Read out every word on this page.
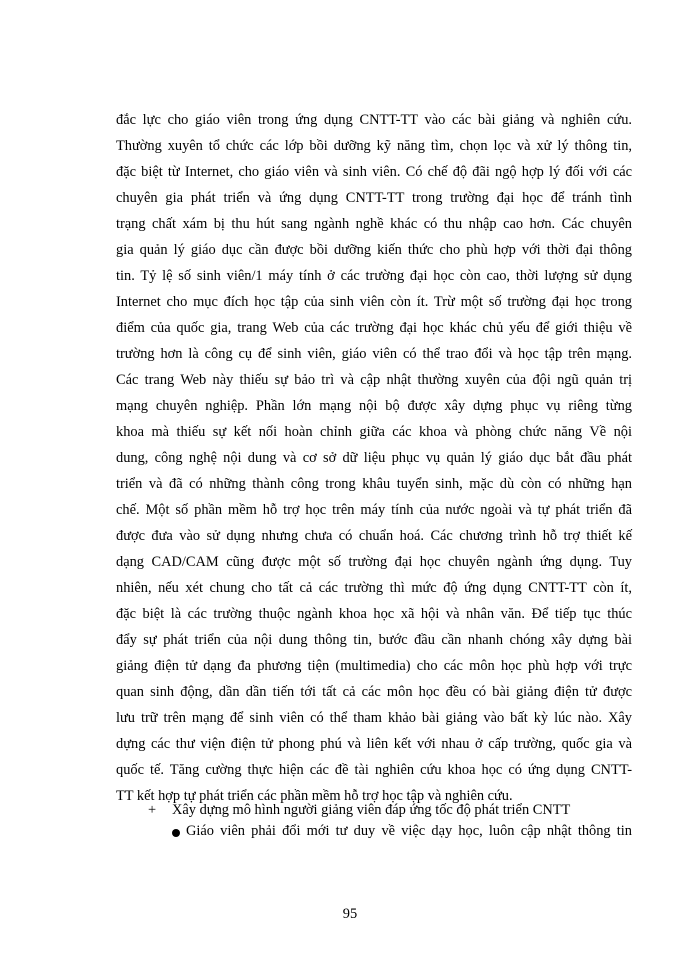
đắc lực cho giáo viên trong ứng dụng CNTT-TT vào các bài giảng và nghiên cứu.
Thường xuyên tổ chức các lớp bồi dưỡng kỹ năng tìm, chọn lọc và xử lý thông tin,
đặc biệt từ Internet, cho giáo viên và sinh viên. Có chế độ đãi ngộ hợp lý đối với các
chuyên gia phát triển và ứng dụng CNTT-TT trong trường đại học để tránh tình
trạng chất xám bị thu hút sang ngành nghề khác có thu nhập cao hơn. Các chuyên
gia quản lý giáo dục cần được bồi dưỡng kiến thức cho phù hợp với thời đại thông
tin. Tỷ lệ số sinh viên/1 máy tính ở các trường đại học còn cao, thời lượng sử dụng
Internet cho mục đích học tập của sinh viên còn ít. Trừ một số trường đại học trong
điểm của quốc gia, trang Web của các trường đại học khác chủ yếu để giới thiệu về
trường hơn là công cụ để sinh viên, giáo viên có thể trao đổi và học tập trên mạng.
Các trang Web này thiếu sự bảo trì và cập nhật thường xuyên của đội ngũ quản trị
mạng chuyên nghiệp. Phần lớn mạng nội bộ được xây dựng phục vụ riêng từng
khoa mà thiếu sự kết nối hoàn chỉnh giữa các khoa và phòng chức năng Về nội
dung, công nghệ nội dung và cơ sở dữ liệu phục vụ quản lý giáo dục bắt đầu phát
triển và đã có những thành công trong khâu tuyển sinh, mặc dù còn có những hạn
chế. Một số phần mềm hỗ trợ học trên máy tính của nước ngoài và tự phát triển đã
được đưa vào sử dụng nhưng chưa có chuẩn hoá. Các chương trình hỗ trợ thiết kế
dạng CAD/CAM cũng được một số trường đại học chuyên ngành ứng dụng. Tuy
nhiên, nếu xét chung cho tất cả các trường thì mức độ ứng dụng CNTT-TT còn ít,
đặc biệt là các trường thuộc ngành khoa học xã hội và nhân văn. Để tiếp tục thúc
đẩy sự phát triển của nội dung thông tin, bước đầu cần nhanh chóng xây dựng bài
giảng điện tử dạng đa phương tiện (multimedia) cho các môn học phù hợp với trực
quan sinh động, dần dần tiến tới tất cả các môn học đều có bài giảng điện tử được
lưu trữ trên mạng để sinh viên có thể tham khảo bài giảng vào bất kỳ lúc nào. Xây
dựng các thư viện điện tử phong phú và liên kết với nhau ở cấp trường, quốc gia và
quốc tế. Tăng cường thực hiện các đề tài nghiên cứu khoa học có ứng dụng CNTT-
TT kết hợp tự phát triển các phần mềm hỗ trợ học tập và nghiên cứu.
+ Xây dựng mô hình người giảng viên đáp ứng tốc độ phát triển CNTT
Giáo viên phải đổi mới tư duy về việc dạy học, luôn cập nhật thông tin
95
